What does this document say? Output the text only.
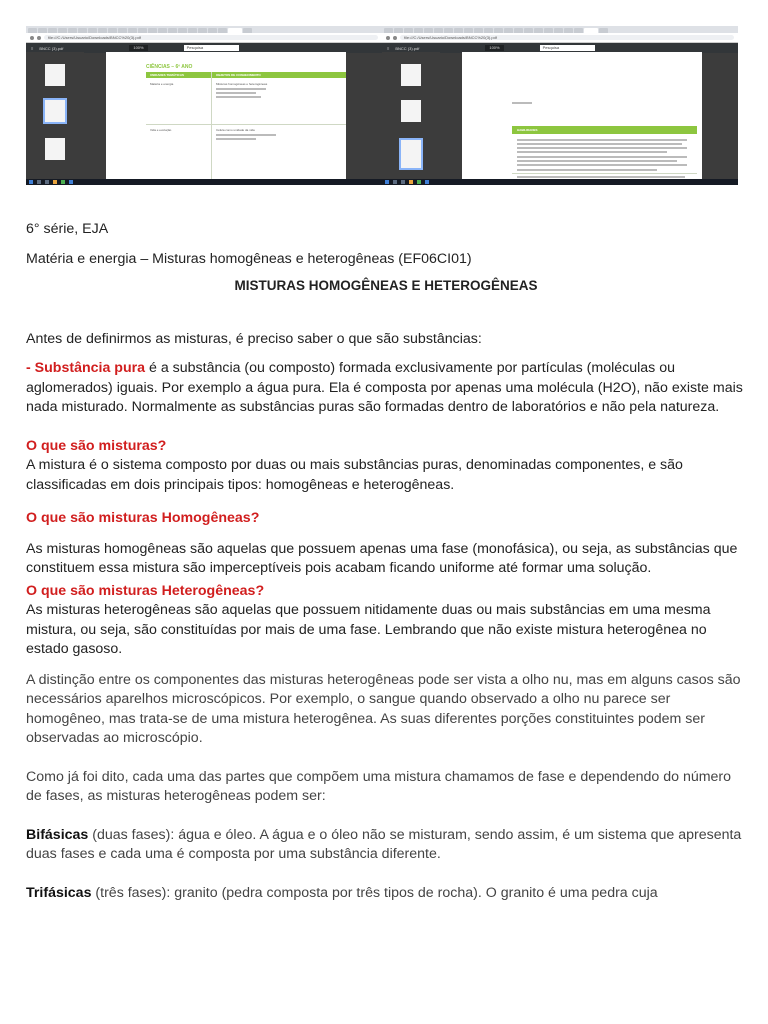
file:///C:/Users/Usuario/Downloads/BNCC%20(3).pdf
≡ BNCC (3).pdf	100%	Pesquisa
CIÊNCIAS – 6º ANO
UNIDADES TEMÁTICAS	OBJETOS DE CONHECIMENTO
Matéria e energia	Misturas homogêneas e heterogêneas
Vida e evolução	Célula como unidade da vida
file:///C:/Users/Usuario/Downloads/BNCC%20(3).pdf
≡ BNCC (3).pdf	100%	Pesquisa
HABILIDADES

6° série, EJA

Matéria e energia – Misturas homogêneas e heterogêneas (EF06CI01)

MISTURAS HOMOGÊNEAS E HETEROGÊNEAS

Antes de definirmos as misturas, é preciso saber o que são substâncias:

- Substância pura é a substância (ou composto) formada exclusivamente por partículas (moléculas ou aglomerados) iguais. Por exemplo a água pura. Ela é composta por apenas uma molécula (H2O), não existe mais nada misturado. Normalmente as substâncias puras são formadas dentro de laboratórios e não pela natureza.

O que são misturas?

A mistura é o sistema composto por duas ou mais substâncias puras, denominadas componentes, e são classificadas em dois principais tipos: homogêneas e heterogêneas.

O que são misturas Homogêneas?

As misturas homogêneas são aquelas que possuem apenas uma fase (monofásica), ou seja, as substâncias que constituem essa mistura são imperceptíveis pois acabam ficando uniforme até formar uma solução.

O que são misturas Heterogêneas?

As misturas heterogêneas são aquelas que possuem nitidamente duas ou mais substâncias em uma mesma mistura, ou seja, são constituídas por mais de uma fase. Lembrando que não existe mistura heterogênea no estado gasoso.

A distinção entre os componentes das misturas heterogêneas pode ser vista a olho nu, mas em alguns casos são necessários aparelhos microscópicos. Por exemplo, o sangue quando observado a olho nu parece ser homogêneo, mas trata-se de uma mistura heterogênea. As suas diferentes porções constituintes podem ser observadas ao microscópio.

Como já foi dito, cada uma das partes que compõem uma mistura chamamos de fase e dependendo do número de fases, as misturas heterogêneas podem ser:

Bifásicas (duas fases): água e óleo. A água e o óleo não se misturam, sendo assim, é um sistema que apresenta duas fases e cada uma é composta por uma substância diferente.

Trifásicas (três fases): granito (pedra composta por três tipos de rocha). O granito é uma pedra cuja
